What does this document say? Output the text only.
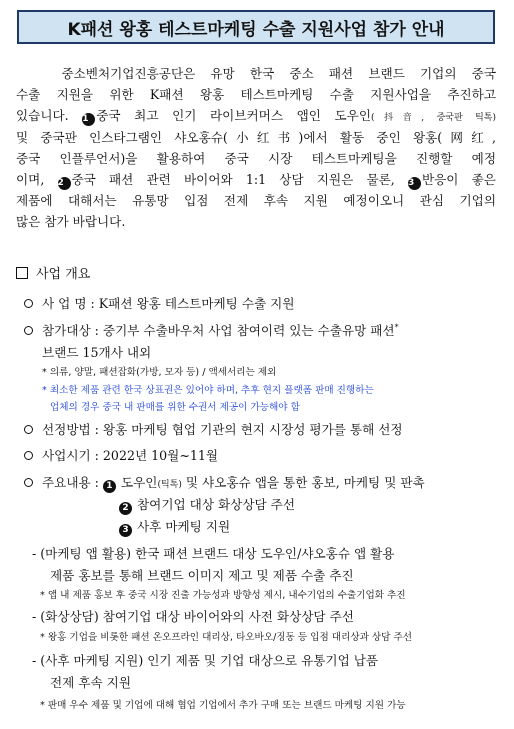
K패션 왕홍 테스트마케팅 수출 지원사업 참가 안내
중소벤처기업진흥공단은 유망 한국 중소 패션 브랜드 기업의 중국
수출 지원을 위한 K패션 왕홍 테스트마케팅 수출 지원사업을 추진하고
있습니다. 1 중국 최고 인기 라이브커머스 앱인 도우인(抖音, 중국판 틱톡)
및 중국판 인스타그램인 샤오홍슈(小红书)에서 활동 중인 왕홍(网红,
중국 인플루언서)을 활용하여 중국 시장 테스트마케팅을 진행할 예정
이며, 2 중국 패션 관련 바이어와 1:1 상담 지원은 물론, 3 반응이 좋은
제품에 대해서는 유통망 입점 전제 후속 지원 예정이오니 관심 기업의
많은 참가 바랍니다.
사업 개요
사 업 명 : K패션 왕홍 테스트마케팅 수출 지원
참가대상 : 중기부 수출바우처 사업 참여이력 있는 수출유망 패션*
브랜드 15개사 내외
* 의류, 양말, 패션잡화(가방, 모자 등) / 액세서리는 제외
* 최소한 제품 관련 한국 상표권은 있어야 하며, 추후 현지 플랫폼 판매 진행하는
업체의 경우 중국 내 판매를 위한 수권서 제공이 가능해야 함
선정방법 : 왕홍 마케팅 협업 기관의 현지 시장성 평가를 통해 선정
사업시기 : 2022년 10월~11월
주요내용 : 1 도우인(틱톡) 및 샤오홍슈 앱을 통한 홍보, 마케팅 및 판촉
2 참여기업 대상 화상상담 주선
3 사후 마케팅 지원
- (마케팅 앱 활용) 한국 패션 브랜드 대상 도우인/샤오홍슈 앱 활용
제품 홍보를 통해 브랜드 이미지 제고 및 제품 수출 추진
* 앱 내 제품 홍보 후 중국 시장 진출 가능성과 방향성 제시, 내수기업의 수출기업화 추진
- (화상상담) 참여기업 대상 바이어와의 사전 화상상담 주선
* 왕홍 기업을 비롯한 패션 온오프라인 대리상, 타오바오/징동 등 입점 대리상과 상담 주선
- (사후 마케팅 지원) 인기 제품 및 기업 대상으로 유통기업 납품
전제 후속 지원
* 판매 우수 제품 및 기업에 대해 협업 기업에서 추가 구매 또는 브랜드 마케팅 지원 가능
